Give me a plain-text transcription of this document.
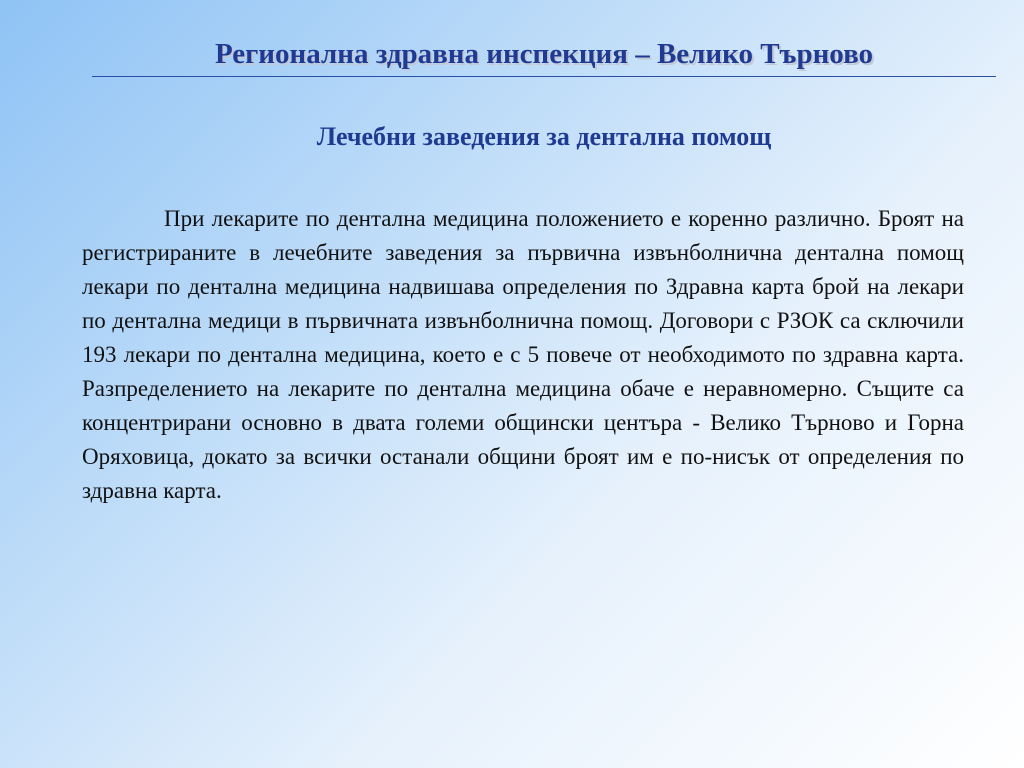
Регионална здравна инспекция – Велико Търново
Лечебни заведения за дентална помощ

При лекарите по дентална медицина положението е коренно различно. Броят на регистрираните в лечебните заведения за първична извънболнична дентална помощ лекари по дентална медицина надвишава определения по Здравна карта брой на лекари по дентална медици в първичната извънболнична помощ. Договори с РЗОК са сключили 193 лекари по дентална медицина, което е с 5 повече от необходимото по здравна карта. Разпределението на лекарите по дентална медицина обаче е неравномерно. Същите са концентрирани основно в двата големи общински центъра - Велико Търново и Горна Оряховица, докато за всички останали общини броят им е по-нисък от определения по здравна карта.
